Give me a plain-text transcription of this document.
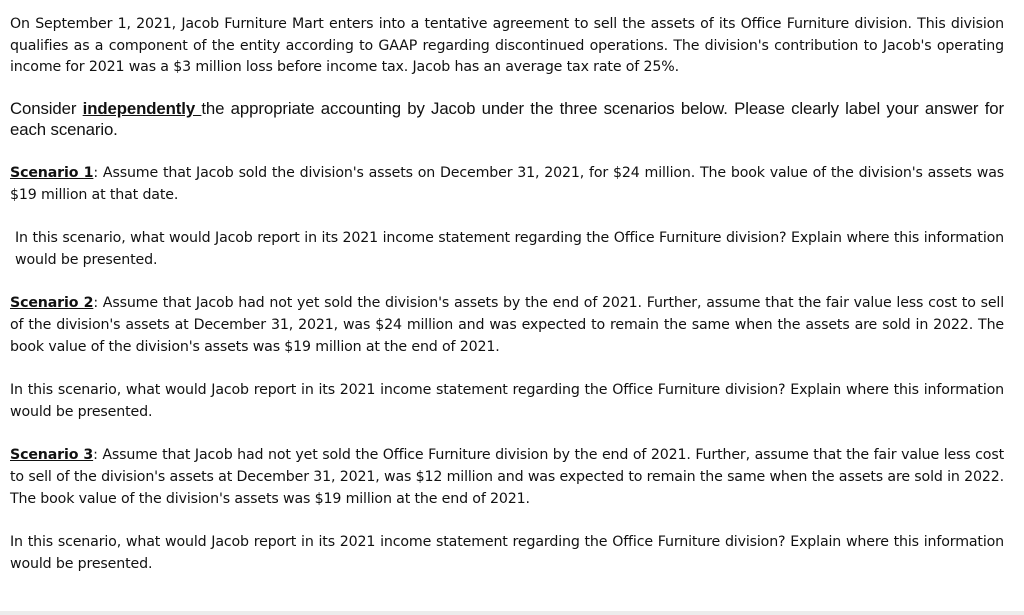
On September 1, 2021, Jacob Furniture Mart enters into a tentative agreement to sell the assets of its Office Furniture division. This division qualifies as a component of the entity according to GAAP regarding discontinued operations. The division's contribution to Jacob's operating income for 2021 was a $3 million loss before income tax. Jacob has an average tax rate of 25%.

Consider independently the appropriate accounting by Jacob under the three scenarios below. Please clearly label your answer for each scenario.

Scenario 1: Assume that Jacob sold the division's assets on December 31, 2021, for $24 million. The book value of the division's assets was $19 million at that date.

In this scenario, what would Jacob report in its 2021 income statement regarding the Office Furniture division? Explain where this information would be presented.

Scenario 2: Assume that Jacob had not yet sold the division's assets by the end of 2021. Further, assume that the fair value less cost to sell of the division's assets at December 31, 2021, was $24 million and was expected to remain the same when the assets are sold in 2022. The book value of the division's assets was $19 million at the end of 2021.

In this scenario, what would Jacob report in its 2021 income statement regarding the Office Furniture division? Explain where this information would be presented.

Scenario 3: Assume that Jacob had not yet sold the Office Furniture division by the end of 2021. Further, assume that the fair value less cost to sell of the division's assets at December 31, 2021, was $12 million and was expected to remain the same when the assets are sold in 2022. The book value of the division's assets was $19 million at the end of 2021.

In this scenario, what would Jacob report in its 2021 income statement regarding the Office Furniture division? Explain where this information would be presented.
